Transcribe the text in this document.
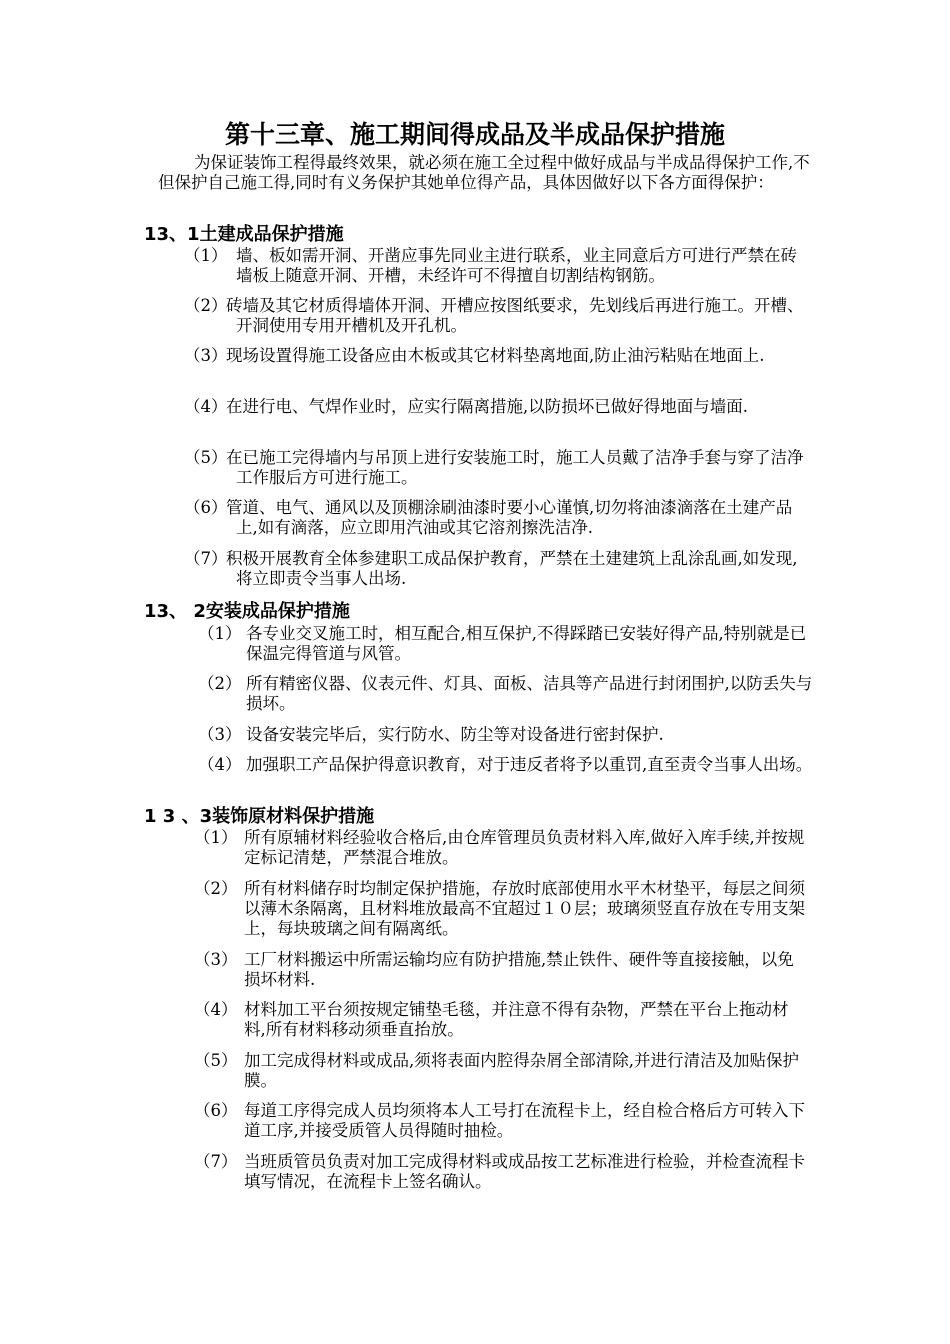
第十三章、施工期间得成品及半成品保护措施
为保证装饰工程得最终效果，就必须在施工全过程中做好成品与半成品得保护工作,不但保护自己施工得,同时有义务保护其她单位得产品，具体因做好以下各方面得保护：
13、1土建成品保护措施
（1） 墙、板如需开洞、开凿应事先同业主进行联系，业主同意后方可进行严禁在砖墙板上随意开洞、开槽，未经许可不得擅自切割结构钢筋。
（2）
砖墙及其它材质得墙体开洞、开槽应按图纸要求，先划线后再进行施工。开槽、开洞使用专用开槽机及开孔机。
（3）
现场设置得施工设备应由木板或其它材料垫离地面,防止油污粘贴在地面上.
（4）
在进行电、气焊作业时，应实行隔离措施,以防损坏已做好得地面与墙面.
（5）
在已施工完得墙内与吊顶上进行安装施工时，施工人员戴了洁净手套与穿了洁净工作服后方可进行施工。
（6）
管道、电气、通风以及顶棚涂刷油漆时要小心谨慎,切勿将油漆滴落在土建产品上,如有滴落，应立即用汽油或其它溶剂擦洗洁净.
（7）
积极开展教育全体参建职工成品保护教育，严禁在土建建筑上乱涂乱画,如发现,将立即责令当事人出场.
13、 2安装成品保护措施
（1） 各专业交叉施工时，相互配合,相互保护,不得踩踏已安装好得产品,特别就是已保温完得管道与风管。
（2） 所有精密仪器、仪表元件、灯具、面板、洁具等产品进行封闭围护,以防丢失与损坏。
（3） 设备安装完毕后，实行防水、防尘等对设备进行密封保护.
（4） 加强职工产品保护得意识教育，对于违反者将予以重罚,直至责令当事人出场。
1 3 、3装饰原材料保护措施
（1） 所有原辅材料经验收合格后,由仓库管理员负责材料入库,做好入库手续,并按规定标记清楚，严禁混合堆放。
（2） 所有材料储存时均制定保护措施，存放时底部使用水平木材垫平，每层之间须以薄木条隔离，且材料堆放最高不宜超过１０层；玻璃须竖直存放在专用支架上，每块玻璃之间有隔离纸。
（3） 工厂材料搬运中所需运输均应有防护措施,禁止铁件、硬件等直接接触，以免损坏材料.
（4） 材料加工平台须按规定铺垫毛毯，并注意不得有杂物，严禁在平台上拖动材料,所有材料移动须垂直抬放。
（5） 加工完成得材料或成品,须将表面内腔得杂屑全部清除,并进行清洁及加贴保护膜。
（6） 每道工序得完成人员均须将本人工号打在流程卡上，经自检合格后方可转入下道工序,并接受质管人员得随时抽检。
（7） 当班质管员负责对加工完成得材料或成品按工艺标准进行检验，并检查流程卡填写情况，在流程卡上签名确认。
